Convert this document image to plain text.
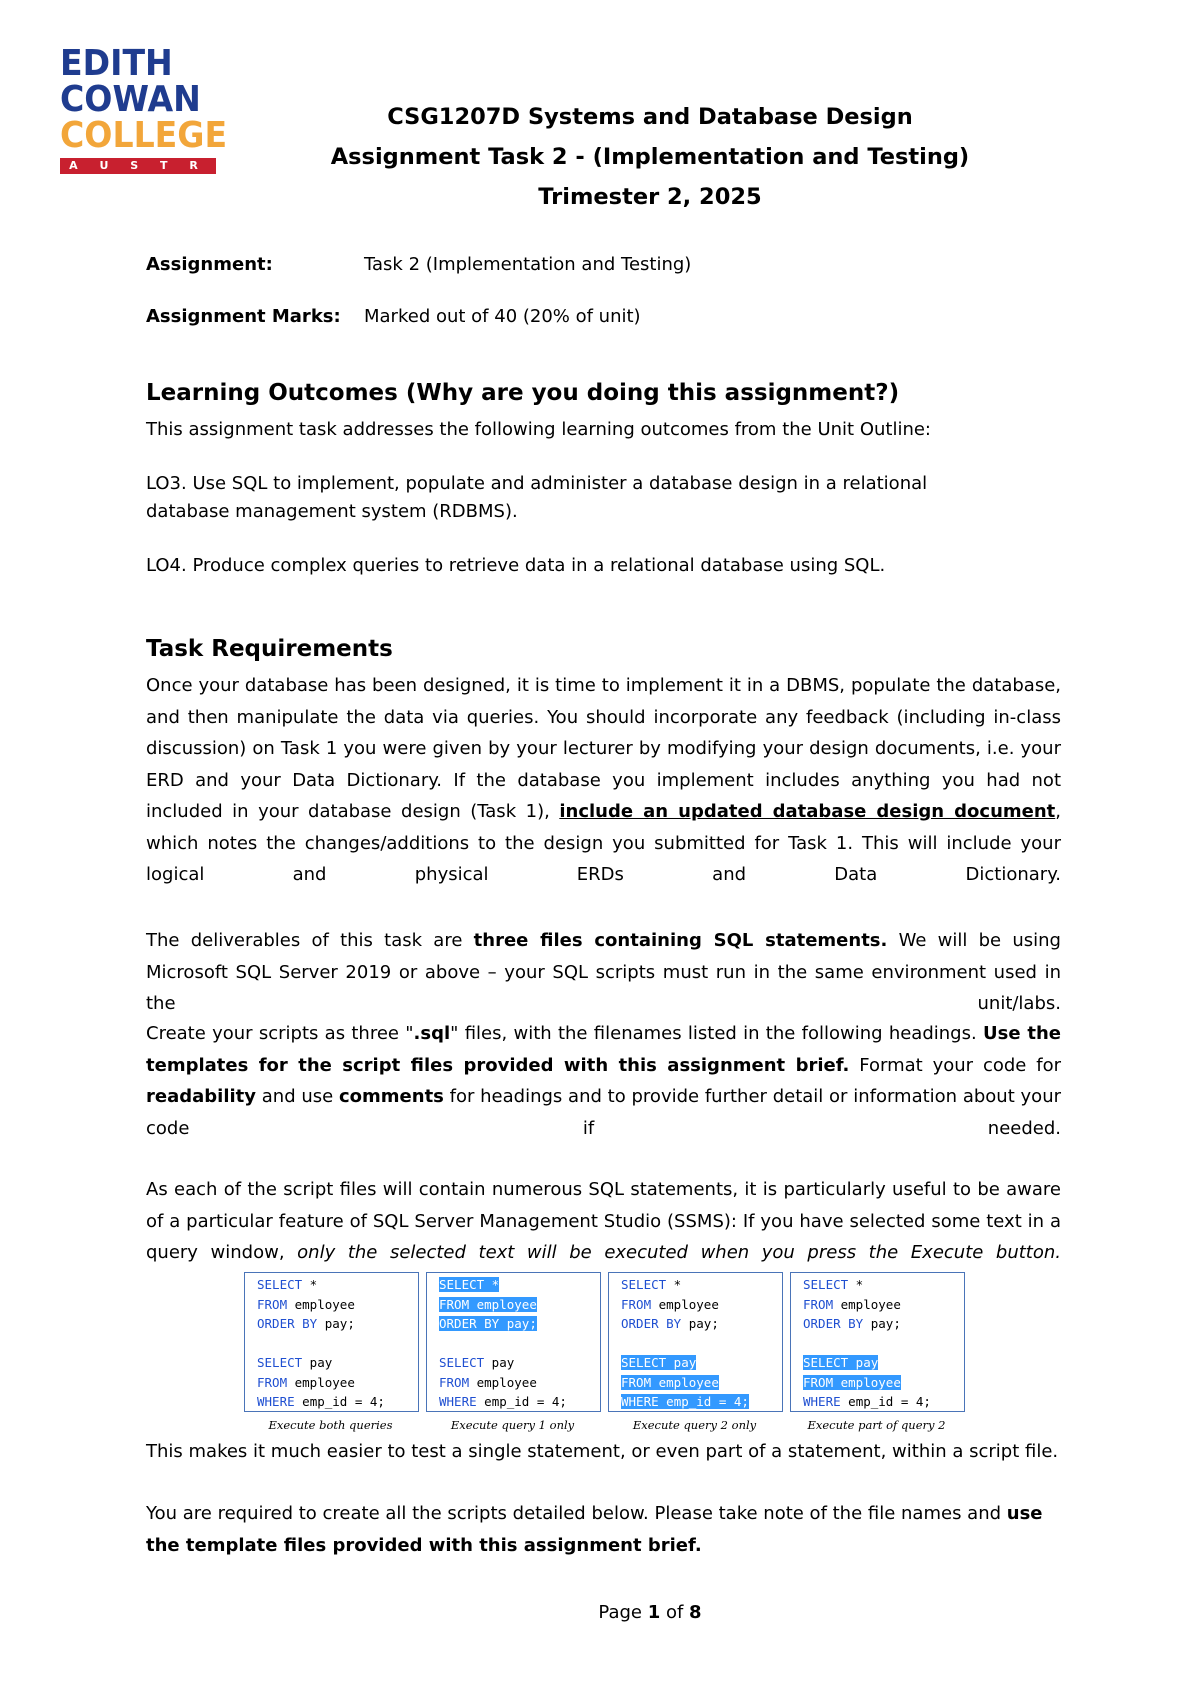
EDITH
COWAN
COLLEGE
A U S T R A L I A
CSG1207D Systems and Database Design
Assignment Task 2 - (Implementation and Testing)
Trimester 2, 2025
Assignment:	Task 2 (Implementation and Testing)
Assignment Marks: Marked out of 40 (20% of unit)
Learning Outcomes (Why are you doing this assignment?)
This assignment task addresses the following learning outcomes from the Unit Outline:
LO3. Use SQL to implement, populate and administer a database design in a relational
database management system (RDBMS).
LO4. Produce complex queries to retrieve data in a relational database using SQL.
Task Requirements
Once your database has been designed, it is time to implement it in a DBMS, populate the database, and then manipulate the data via queries. You should incorporate any feedback (including in-class discussion) on Task 1 you were given by your lecturer by modifying your design documents, i.e. your ERD and your Data Dictionary. If the database you implement includes anything you had not included in your database design (Task 1), include an updated database design document, which notes the changes/additions to the design you submitted for Task 1. This will include your logical and physical ERDs and Data Dictionary.
The deliverables of this task are three files containing SQL statements. We will be using Microsoft SQL Server 2019 or above – your SQL scripts must run in the same environment used in the unit/labs.
Create your scripts as three ".sql" files, with the filenames listed in the following headings. Use the templates for the script files provided with this assignment brief. Format your code for readability and use comments for headings and to provide further detail or information about your code if needed.
As each of the script files will contain numerous SQL statements, it is particularly useful to be aware of a particular feature of SQL Server Management Studio (SSMS): If you have selected some text in a query window, only the selected text will be executed when you press the Execute button.
SELECT *
FROM employee
ORDER BY pay;

SELECT pay
FROM employee
WHERE emp_id = 4;
Execute both queries
SELECT *
FROM employee
ORDER BY pay;

SELECT pay
FROM employee
WHERE emp_id = 4;
Execute query 1 only
SELECT *
FROM employee
ORDER BY pay;

SELECT pay
FROM employee
WHERE emp_id = 4;
Execute query 2 only
SELECT *
FROM employee
ORDER BY pay;

SELECT pay
FROM employee
WHERE emp_id = 4;
Execute part of query 2
This makes it much easier to test a single statement, or even part of a statement, within a script file.
You are required to create all the scripts detailed below. Please take note of the file names and use the template files provided with this assignment brief.
Page 1 of 8
